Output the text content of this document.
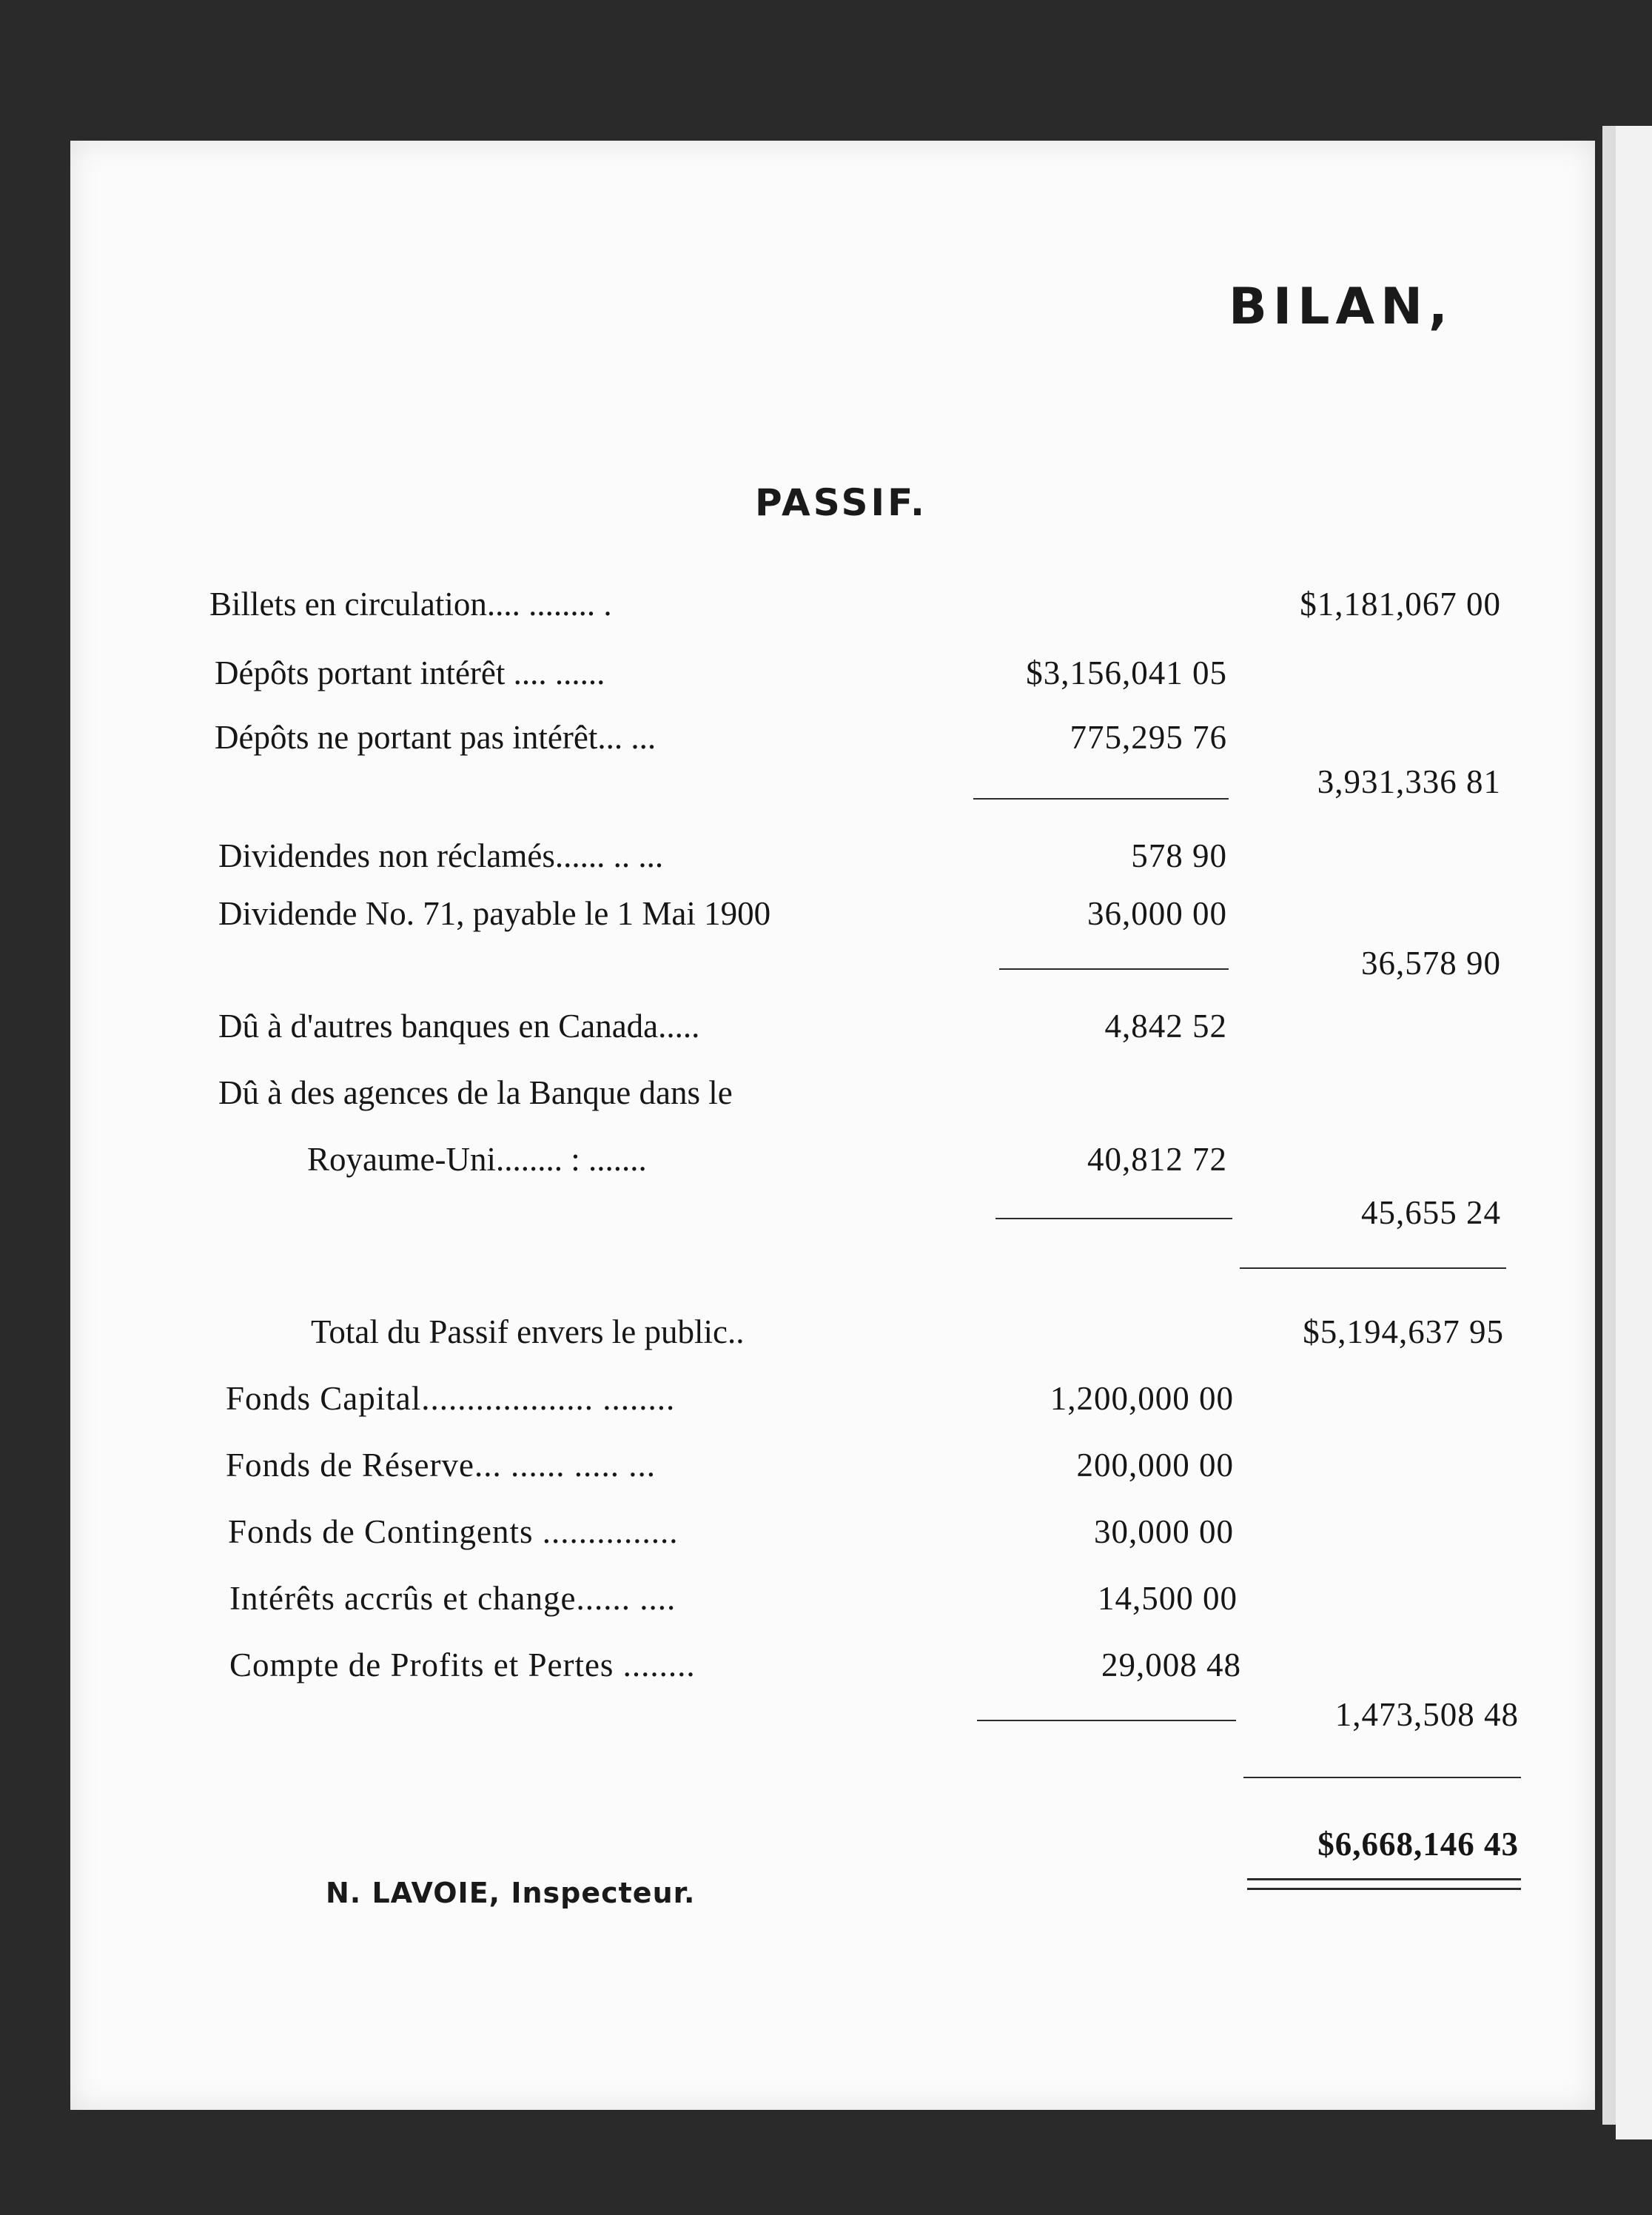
BILAN,
PASSIF.
Billets en circulation.... ........ .	$1,181,067 00
Dépôts portant intérêt .... ......	$3,156,041 05
Dépôts ne portant pas intérêt... ...	775,295 76
3,931,336 81
Dividendes non réclamés...... .. ...	578 90
Dividende No. 71, payable le 1 Mai 1900	36,000 00
36,578 90
Dû à d'autres banques en Canada.....	4,842 52
Dû à des agences de la Banque dans le
Royaume-Uni........ : .......	40,812 72
45,655 24
Total du Passif envers le public..	$5,194,637 95
Fonds Capital................... ........	1,200,000 00
Fonds de Réserve... ...... ..... ...	200,000 00
Fonds de Contingents ...............	30,000 00
Intérêts accrûs et change...... ....	14,500 00
Compte de Profits et Pertes ........	29,008 48
1,473,508 48
$6,668,146 43
N. LAVOIE, Inspecteur.
